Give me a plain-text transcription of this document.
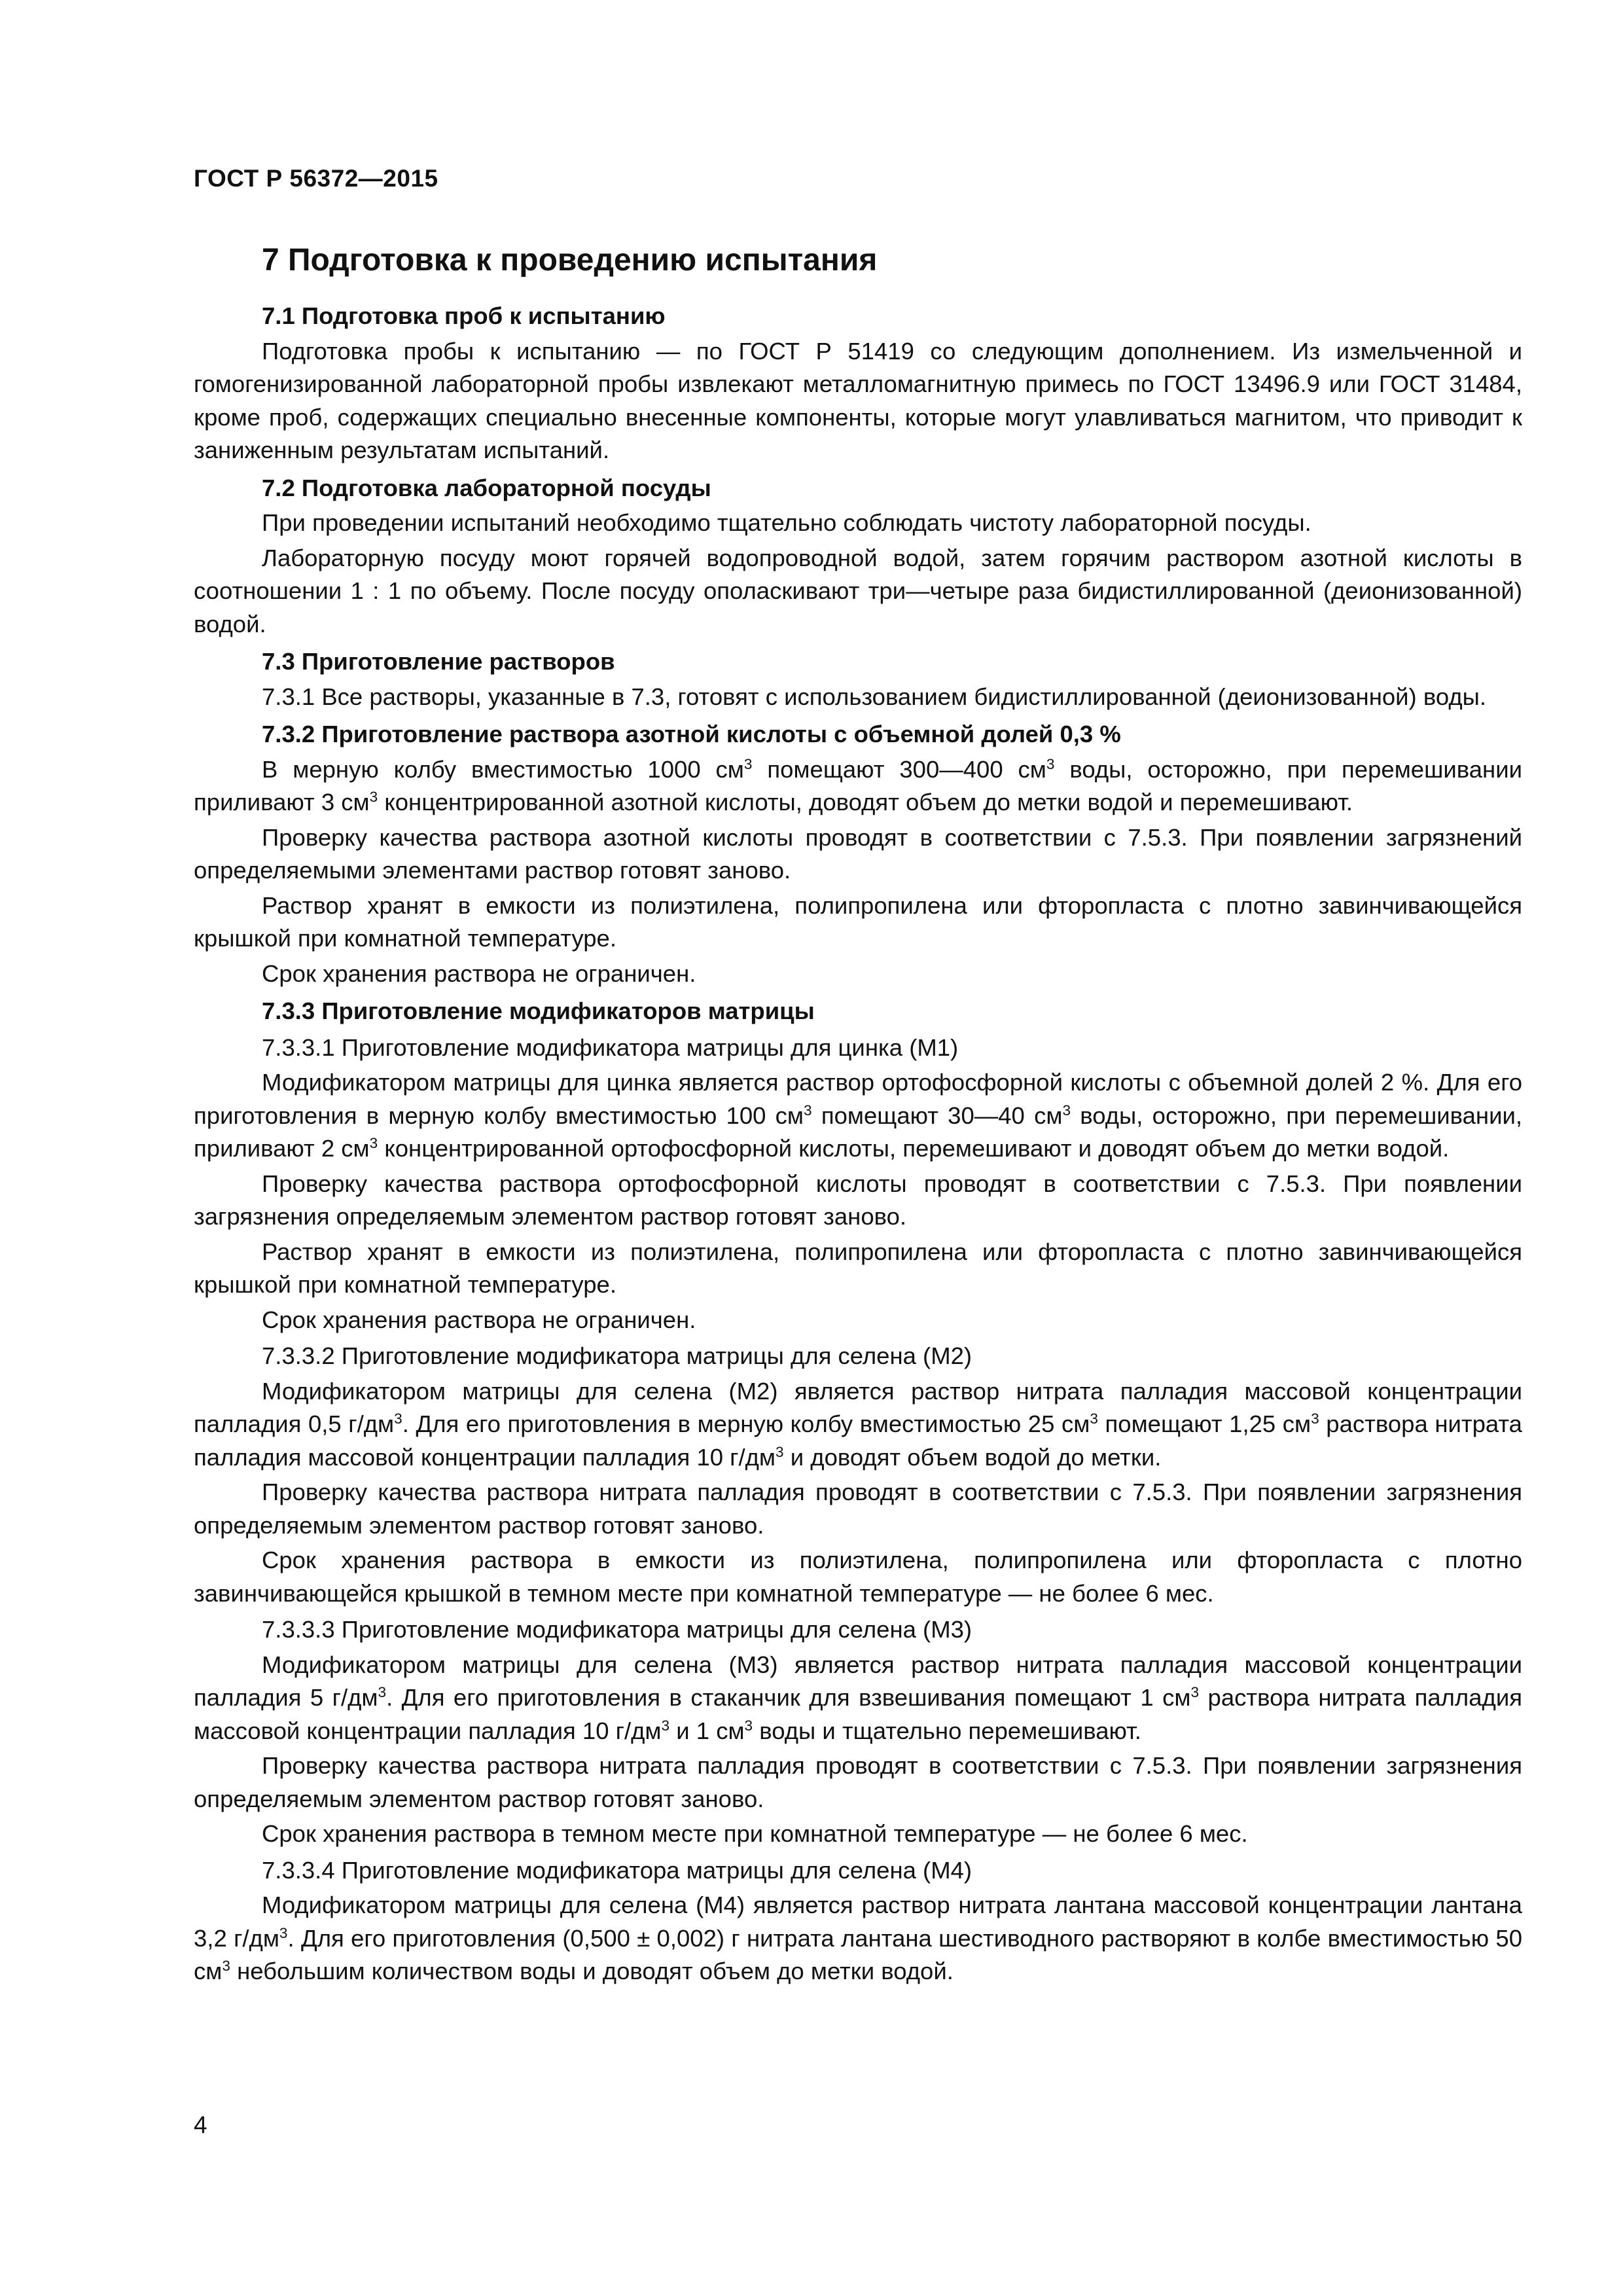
ГОСТ Р 56372—2015
7 Подготовка к проведению испытания

7.1 Подготовка проб к испытанию

Подготовка пробы к испытанию — по ГОСТ Р 51419 со следующим дополнением. Из измельченной и гомогенизированной лабораторной пробы извлекают металломагнитную примесь по ГОСТ 13496.9 или ГОСТ 31484, кроме проб, содержащих специально внесенные компоненты, которые могут улавливаться магнитом, что приводит к заниженным результатам испытаний.

7.2 Подготовка лабораторной посуды

При проведении испытаний необходимо тщательно соблюдать чистоту лабораторной посуды.

Лабораторную посуду моют горячей водопроводной водой, затем горячим раствором азотной кислоты в соотношении 1 : 1 по объему. После посуду ополаскивают три—четыре раза бидистиллированной (деионизованной) водой.

7.3 Приготовление растворов

7.3.1 Все растворы, указанные в 7.3, готовят с использованием бидистиллированной (деионизованной) воды.

7.3.2 Приготовление раствора азотной кислоты с объемной долей 0,3 %

В мерную колбу вместимостью 1000 $см^3$ помещают 300—400 $см^3$ воды, осторожно, при перемешивании приливают 3 $см^3$ концентрированной азотной кислоты, доводят объем до метки водой и перемешивают.

Проверку качества раствора азотной кислоты проводят в соответствии с 7.5.3. При появлении загрязнений определяемыми элементами раствор готовят заново.

Раствор хранят в емкости из полиэтилена, полипропилена или фторопласта с плотно завинчивающейся крышкой при комнатной температуре.

Срок хранения раствора не ограничен.

7.3.3 Приготовление модификаторов матрицы

7.3.3.1 Приготовление модификатора матрицы для цинка (М1)

Модификатором матрицы для цинка является раствор ортофосфорной кислоты с объемной долей 2 %. Для его приготовления в мерную колбу вместимостью 100 $см^3$ помещают 30—40 $см^3$ воды, осторожно, при перемешивании, приливают 2 $см^3$ концентрированной ортофосфорной кислоты, перемешивают и доводят объем до метки водой.

Проверку качества раствора ортофосфорной кислоты проводят в соответствии с 7.5.3. При появлении загрязнения определяемым элементом раствор готовят заново.

Раствор хранят в емкости из полиэтилена, полипропилена или фторопласта с плотно завинчивающейся крышкой при комнатной температуре.

Срок хранения раствора не ограничен.

7.3.3.2 Приготовление модификатора матрицы для селена (М2)

Модификатором матрицы для селена (М2) является раствор нитрата палладия массовой концентрации палладия 0,5 $г/дм^3$. Для его приготовления в мерную колбу вместимостью 25 $см^3$ помещают 1,25 $см^3$ раствора нитрата палладия массовой концентрации палладия 10 $г/дм^3$ и доводят объем водой до метки.

Проверку качества раствора нитрата палладия проводят в соответствии с 7.5.3. При появлении загрязнения определяемым элементом раствор готовят заново.

Срок хранения раствора в емкости из полиэтилена, полипропилена или фторопласта с плотно завинчивающейся крышкой в темном месте при комнатной температуре — не более 6 мес.

7.3.3.3 Приготовление модификатора матрицы для селена (М3)

Модификатором матрицы для селена (М3) является раствор нитрата палладия массовой концентрации палладия 5 $г/дм^3$. Для его приготовления в стаканчик для взвешивания помещают 1 $см^3$ раствора нитрата палладия массовой концентрации палладия 10 $г/дм^3$ и 1 $см^3$ воды и тщательно перемешивают.

Проверку качества раствора нитрата палладия проводят в соответствии с 7.5.3. При появлении загрязнения определяемым элементом раствор готовят заново.

Срок хранения раствора в темном месте при комнатной температуре — не более 6 мес.

7.3.3.4 Приготовление модификатора матрицы для селена (М4)

Модификатором матрицы для селена (М4) является раствор нитрата лантана массовой концентрации лантана 3,2 $г/дм^3$. Для его приготовления (0,500 ± 0,002) г нитрата лантана шестиводного растворяют в колбе вместимостью 50 $см^3$ небольшим количеством воды и доводят объем до метки водой.

4
